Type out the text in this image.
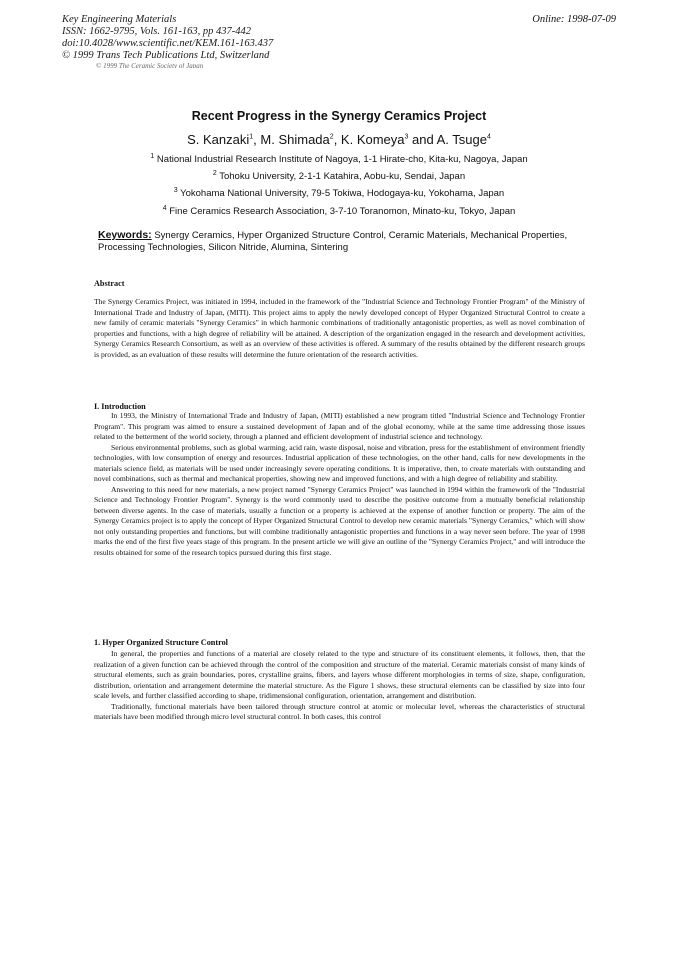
Key Engineering Materials
ISSN: 1662-9795, Vols. 161-163, pp 437-442
doi:10.4028/www.scientific.net/KEM.161-163.437
© 1999 Trans Tech Publications Ltd, Switzerland
Online: 1998-07-09
© 1999 The Ceramic Society of Japan
Recent Progress in the Synergy Ceramics Project
S. Kanzaki$^1$, M. Shimada$^2$, K. Komeya$^3$ and A. Tsuge$^4$
$^1$ National Industrial Research Institute of Nagoya, 1-1 Hirate-cho, Kita-ku, Nagoya, Japan
$^2$ Tohoku University, 2-1-1 Katahira, Aobu-ku, Sendai, Japan
$^3$ Yokohama National University, 79-5 Tokiwa, Hodogaya-ku, Yokohama, Japan
$^4$ Fine Ceramics Research Association, 3-7-10 Toranomon, Minato-ku, Tokyo, Japan
Keywords: Synergy Ceramics, Hyper Organized Structure Control, Ceramic Materials, Mechanical Properties, Processing Technologies, Silicon Nitride, Alumina, Sintering
Abstract

The Synergy Ceramics Project, was initiated in 1994, included in the framework of the "Industrial Science and Technology Frontier Program" of the Ministry of International Trade and Industry of Japan, (MITI). This project aims to apply the newly developed concept of Hyper Organized Structural Control to create a new family of ceramic materials "Synergy Ceramics" in which harmonic combinations of traditionally antagonistic properties, as well as novel combination of properties and functions, with a high degree of reliability will be attained. A description of the organization engaged in the research and development activities, Synergy Ceramics Research Consortium, as well as an overview of these activities is offered. A summary of the results obtained by the different research groups is provided, as an evaluation of these results will determine the future orientation of the research activities.

I. Introduction

In 1993, the Ministry of International Trade and Industry of Japan, (MITI) established a new program titled "Industrial Science and Technology Frontier Program". This program was aimed to ensure a sustained development of Japan and of the global economy, while at the same time addressing those issues related to the betterment of the world society, through a planned and efficient development of industrial science and technology.

Serious environmental problems, such as global warming, acid rain, waste disposal, noise and vibration, press for the establishment of environment friendly technologies, with low consumption of energy and resources. Industrial application of these technologies, on the other hand, calls for new developments in the materials science field, as materials will be used under increasingly severe operating conditions. It is imperative, then, to create materials with outstanding and novel combinations, such as thermal and mechanical properties, showing new and improved functions, and with a high degree of reliability and stability.

Answering to this need for new materials, a new project named "Synergy Ceramics Project" was launched in 1994 within the framework of the "Industrial Science and Technology Frontier Program". Synergy is the word commonly used to describe the positive outcome from a mutually beneficial relationship between diverse agents. In the case of materials, usually a function or a property is achieved at the expense of another function or property. The aim of the Synergy Ceramics project is to apply the concept of Hyper Organized Structural Control to develop new ceramic materials "Synergy Ceramics," which will show not only outstanding properties and functions, but will combine traditionally antagonistic properties and functions in a way never seen before. The year of 1998 marks the end of the first five years stage of this program. In the present article we will give an outline of the "Synergy Ceramics Project," and will introduce the results obtained for some of the research topics pursued during this first stage.

1. Hyper Organized Structure Control

In general, the properties and functions of a material are closely related to the type and structure of its constituent elements, it follows, then, that the realization of a given function can be achieved through the control of the composition and structure of the material. Ceramic materials consist of many kinds of structural elements, such as grain boundaries, pores, crystalline grains, fibers, and layers whose different morphologies in terms of size, shape, configuration, distribution, orientation and arrangement determine the material structure. As the Figure 1 shows, these structural elements can be classified by size into four scale levels, and further classified according to shape, tridimensional configuration, orientation, arrangement and distribution.

Traditionally, functional materials have been tailored through structure control at atomic or molecular level, whereas the characteristics of structural materials have been modified through micro level structural control. In both cases, this control
